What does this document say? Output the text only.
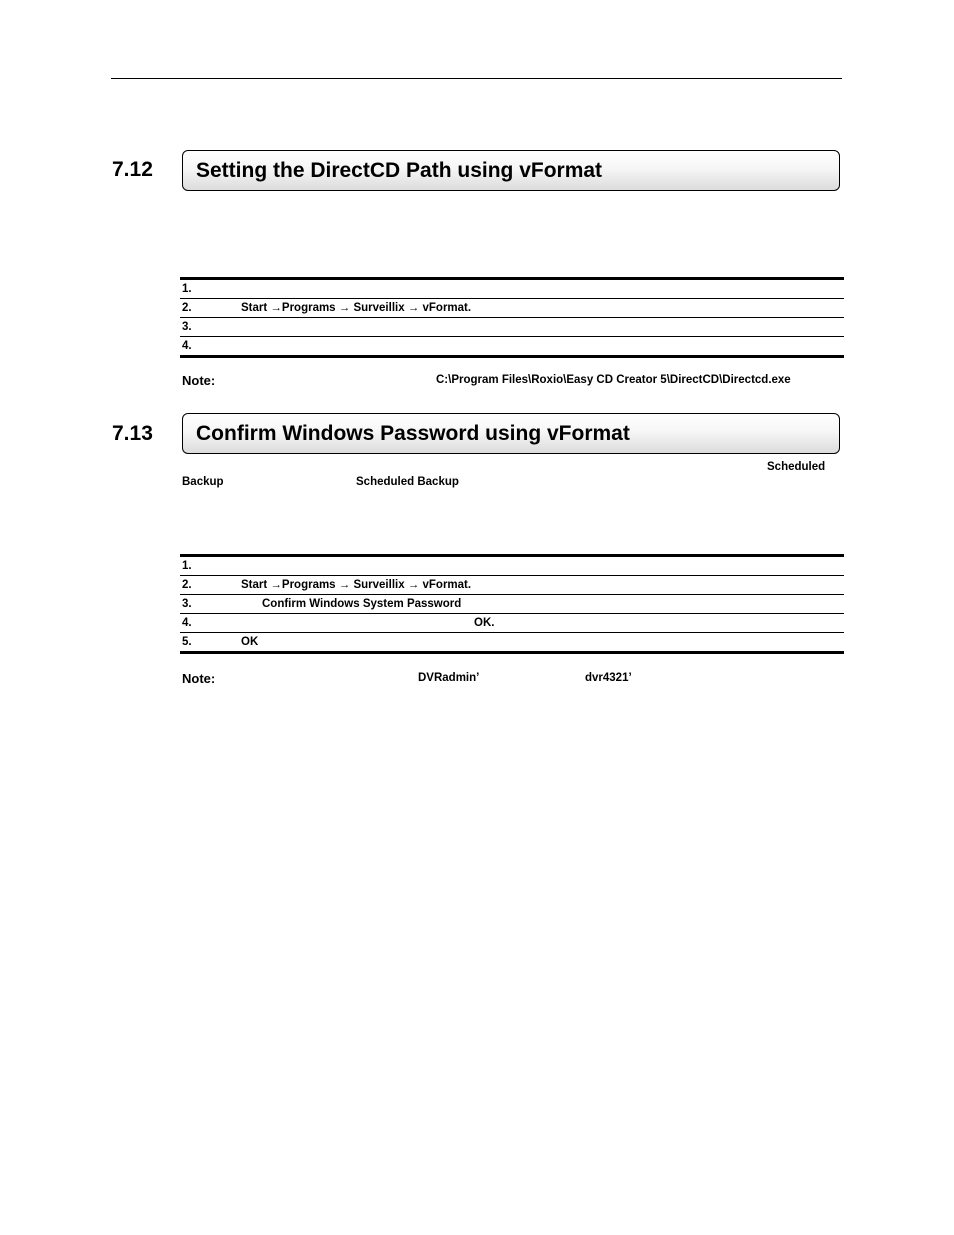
7.12 Setting the DirectCD Path using vFormat
1.
2.	Start →Programs → Surveillix → vFormat.
3.
4.
Note:	C:\Program Files\Roxio\Easy CD Creator 5\DirectCD\Directcd.exe
7.13 Confirm Windows Password using vFormat
Scheduled
Backup	Scheduled Backup
1.
2.	Start →Programs → Surveillix → vFormat.
3.	Confirm Windows System Password
4.	OK.
5.	OK
Note:	DVRadmin’	dvr4321’
